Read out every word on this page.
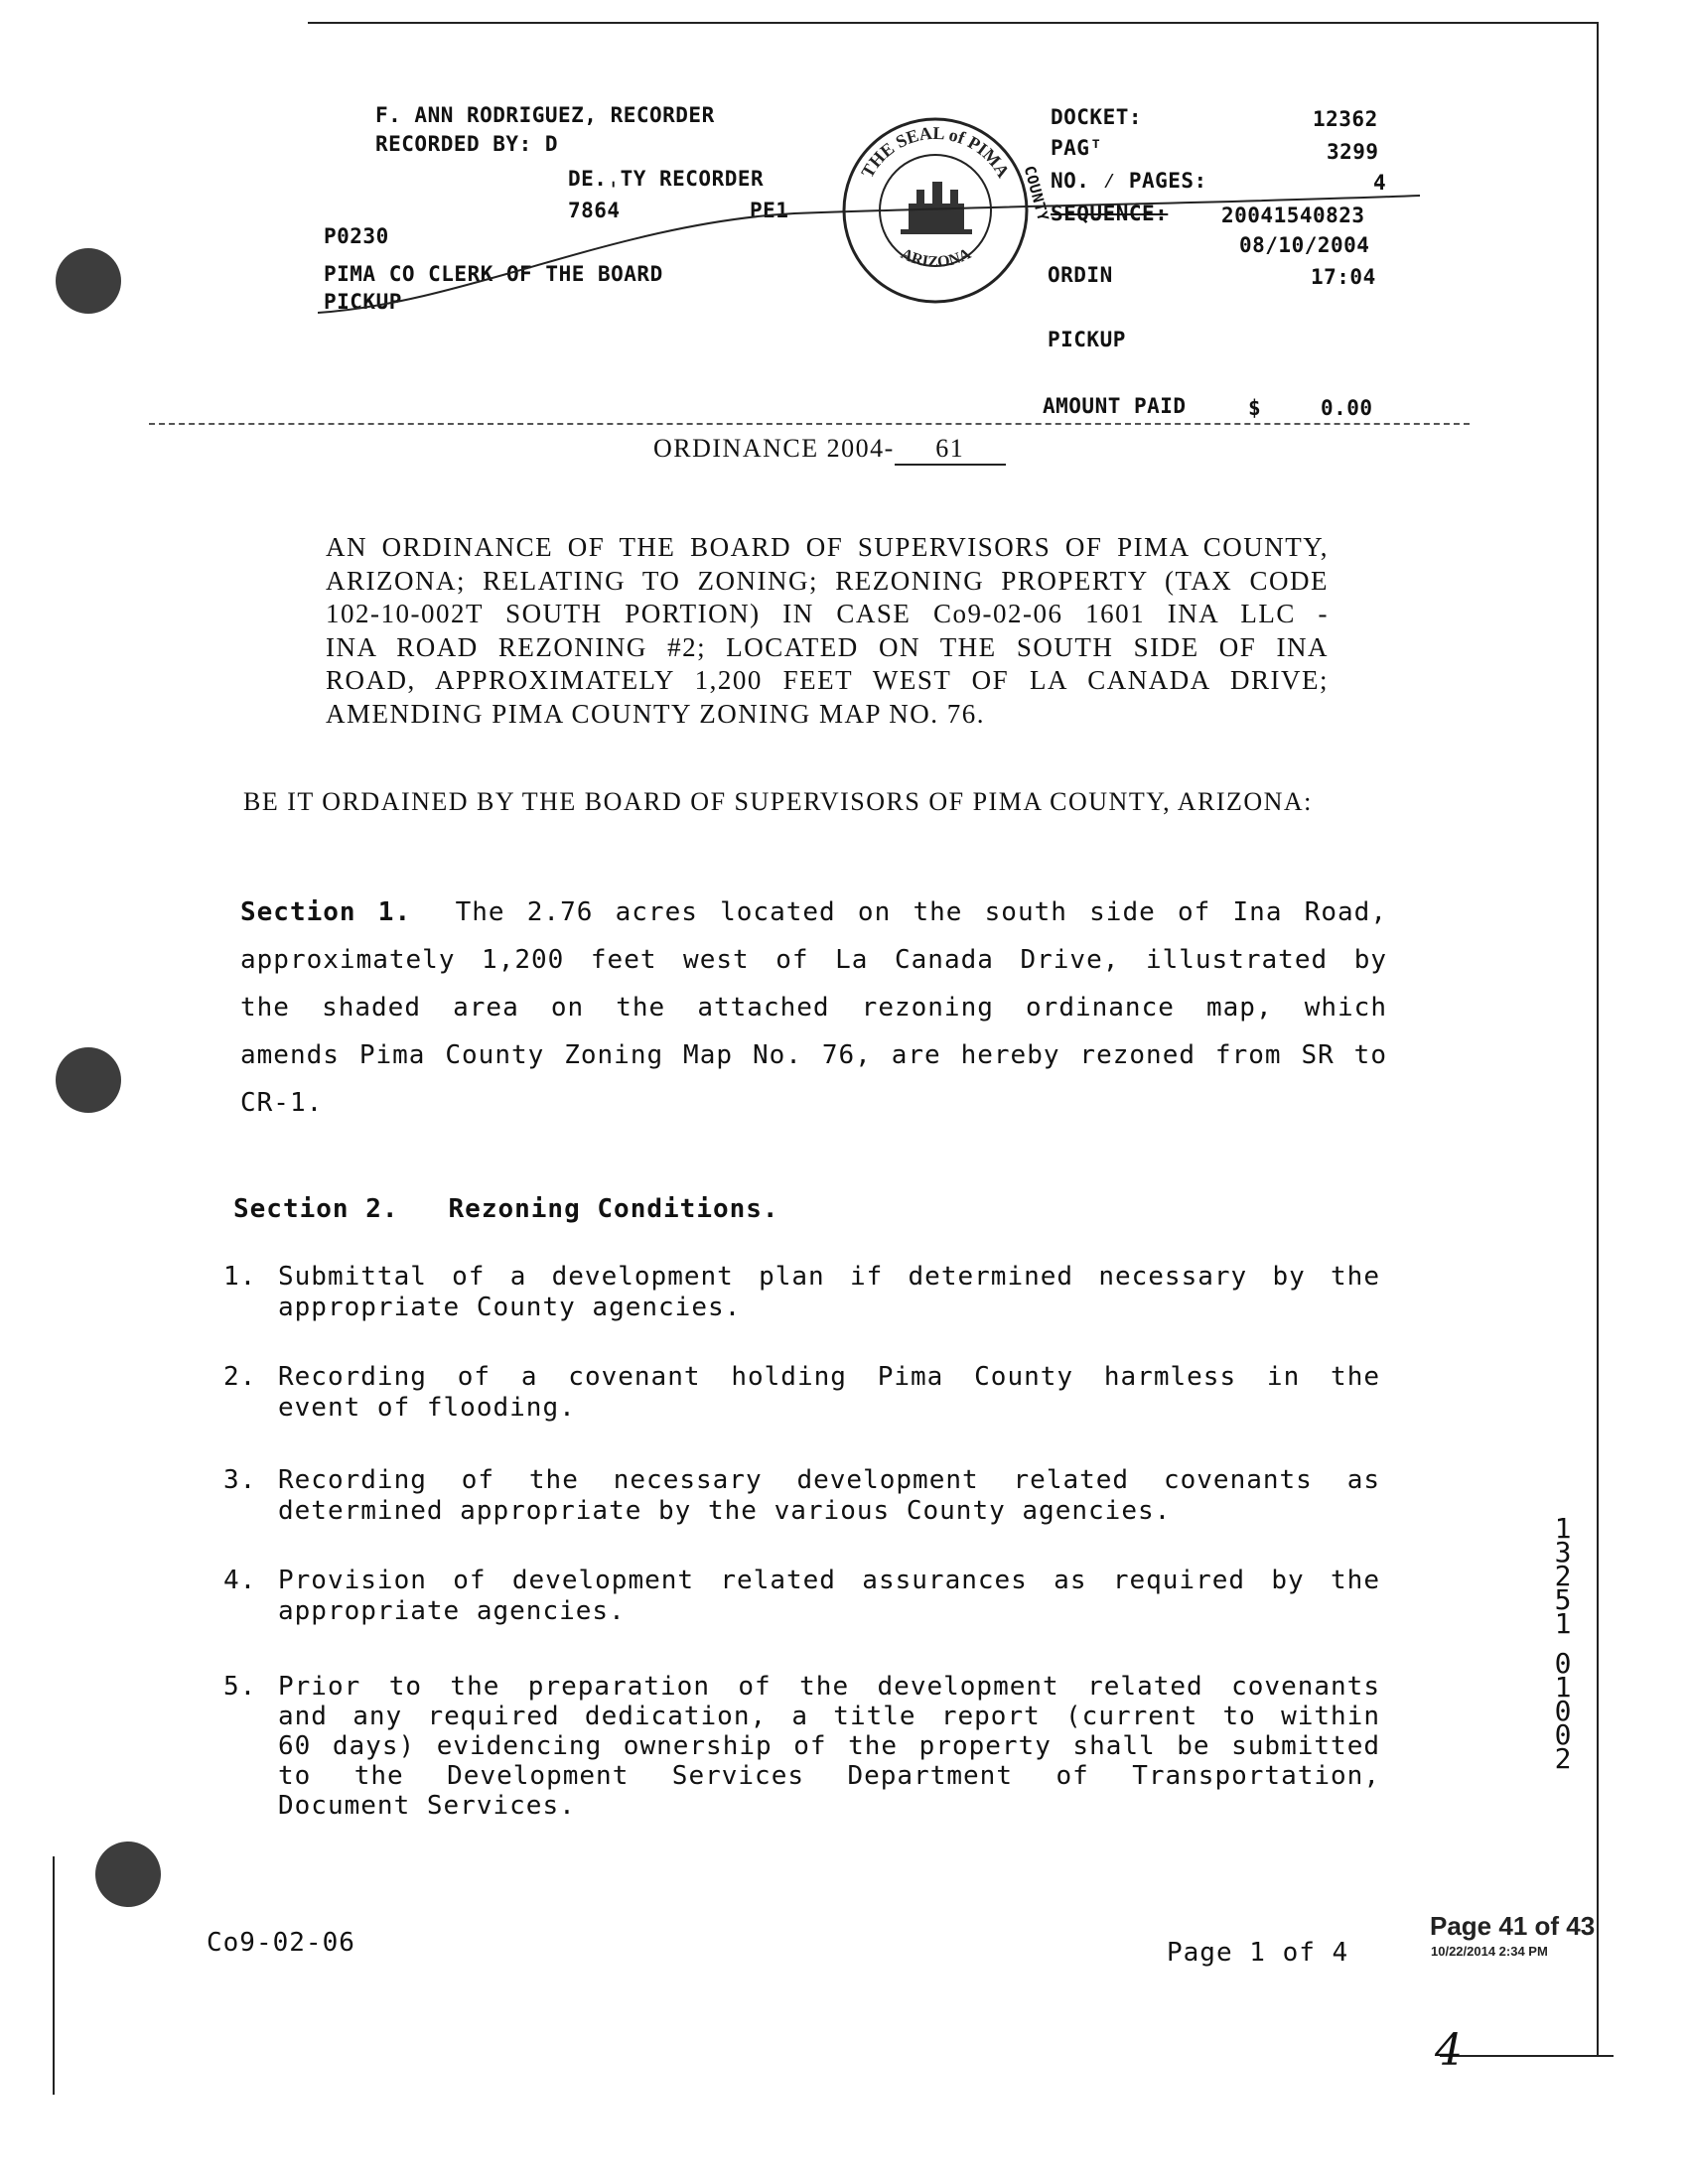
F. ANN RODRIGUEZ, RECORDER
RECORDED BY: D
DE.ˌTY RECORDER
7864	PE1
P0230
PIMA CO CLERK OF THE BOARD
PICKUP
THE SEAL of PIMA
ARIZONA
COUNTY
DOCKET:	12362
PAGᵀ	3299
NO. ⁄ PAGES:	4
SEQUENCE:	20041540823
08/10/2004
ORDIN	17:04
PICKUP
AMOUNT PAID	$	0.00
ORDINANCE 2004- 61
AN ORDINANCE OF THE BOARD OF SUPERVISORS OF PIMA COUNTY,
ARIZONA; RELATING TO ZONING; REZONING PROPERTY (TAX CODE
102-10-002T SOUTH PORTION) IN CASE Co9-02-06 1601 INA LLC -
INA ROAD REZONING #2; LOCATED ON THE SOUTH SIDE OF INA
ROAD, APPROXIMATELY 1,200 FEET WEST OF LA CANADA DRIVE;
AMENDING PIMA COUNTY ZONING MAP NO. 76.
BE IT ORDAINED BY THE BOARD OF SUPERVISORS OF PIMA COUNTY, ARIZONA:
Section 1. The 2.76 acres located on the south side of Ina Road,
approximately 1,200 feet west of La Canada Drive, illustrated by
the shaded area on the attached rezoning ordinance map, which
amends Pima County Zoning Map No. 76, are hereby rezoned from SR to
CR-1.
Section 2. Rezoning Conditions.
1. Submittal of a development plan if determined necessary by the
appropriate County agencies.
2. Recording of a covenant holding Pima County harmless in the
event of flooding.
3. Recording of the necessary development related covenants as
determined appropriate by the various County agencies.
4. Provision of development related assurances as required by the
appropriate agencies.
5. Prior to the preparation of the development related covenants
and any required dedication, a title report (current to within
60 days) evidencing ownership of the property shall be submitted
to the Development Services Department of Transportation,
Document Services.
1
3
2
5
1
0
1
0
0
2
Co9-02-06	Page 1 of 4
Page 41 of 43
10/22/2014 2:34 PM
4
